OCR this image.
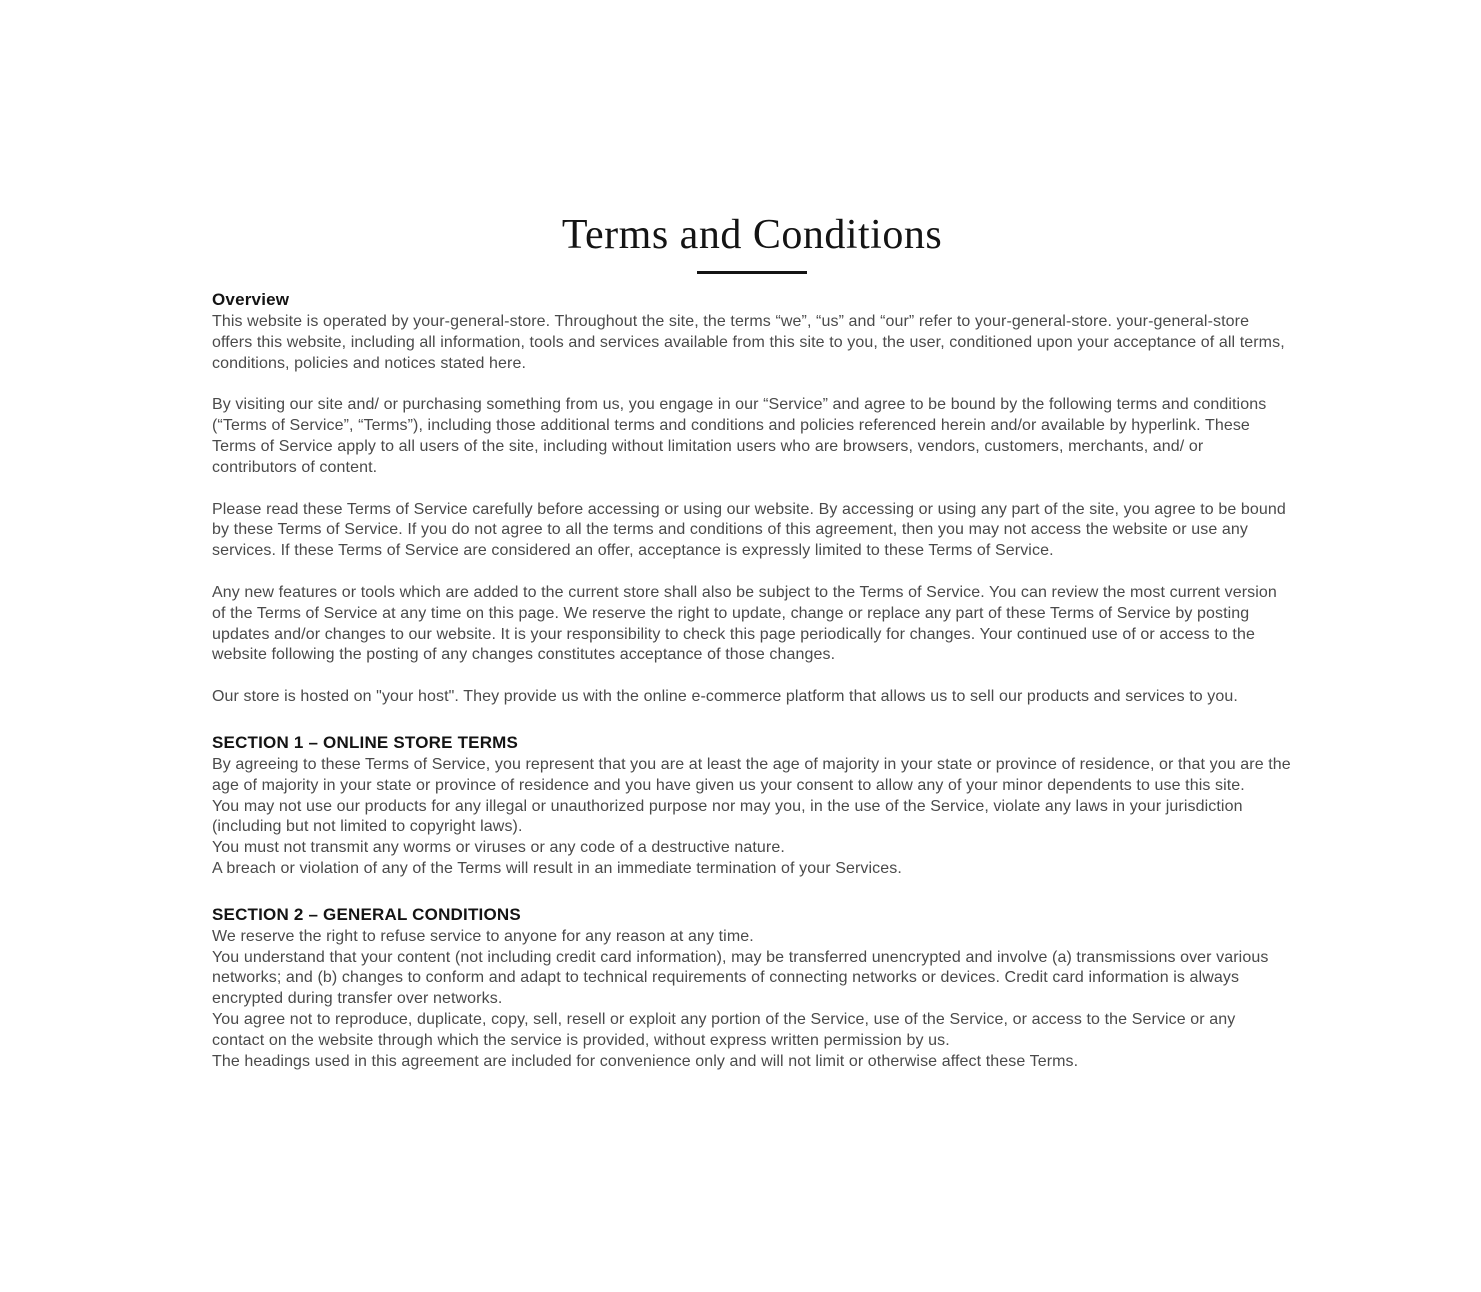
Terms and Conditions
Overview

This website is operated by your-general-store. Throughout the site, the terms “we”, “us” and “our” refer to your-general-store. your-general-store offers this website, including all information, tools and services available from this site to you, the user, conditioned upon your acceptance of all terms, conditions, policies and notices stated here.

By visiting our site and/ or purchasing something from us, you engage in our “Service” and agree to be bound by the following terms and conditions (“Terms of Service”, “Terms”), including those additional terms and conditions and policies referenced herein and/or available by hyperlink. These Terms of Service apply to all users of the site, including without limitation users who are browsers, vendors, customers, merchants, and/ or contributors of content.

Please read these Terms of Service carefully before accessing or using our website. By accessing or using any part of the site, you agree to be bound by these Terms of Service. If you do not agree to all the terms and conditions of this agreement, then you may not access the website or use any services. If these Terms of Service are considered an offer, acceptance is expressly limited to these Terms of Service.

Any new features or tools which are added to the current store shall also be subject to the Terms of Service. You can review the most current version of the Terms of Service at any time on this page. We reserve the right to update, change or replace any part of these Terms of Service by posting updates and/or changes to our website. It is your responsibility to check this page periodically for changes. Your continued use of or access to the website following the posting of any changes constitutes acceptance of those changes.

Our store is hosted on "your host". They provide us with the online e-commerce platform that allows us to sell our products and services to you.

SECTION 1 – ONLINE STORE TERMS

By agreeing to these Terms of Service, you represent that you are at least the age of majority in your state or province of residence, or that you are the age of majority in your state or province of residence and you have given us your consent to allow any of your minor dependents to use this site.

You may not use our products for any illegal or unauthorized purpose nor may you, in the use of the Service, violate any laws in your jurisdiction (including but not limited to copyright laws).

You must not transmit any worms or viruses or any code of a destructive nature.

A breach or violation of any of the Terms will result in an immediate termination of your Services.

SECTION 2 – GENERAL CONDITIONS

We reserve the right to refuse service to anyone for any reason at any time.

You understand that your content (not including credit card information), may be transferred unencrypted and involve (a) transmissions over various networks; and (b) changes to conform and adapt to technical requirements of connecting networks or devices. Credit card information is always encrypted during transfer over networks.

You agree not to reproduce, duplicate, copy, sell, resell or exploit any portion of the Service, use of the Service, or access to the Service or any contact on the website through which the service is provided, without express written permission by us.

The headings used in this agreement are included for convenience only and will not limit or otherwise affect these Terms.
